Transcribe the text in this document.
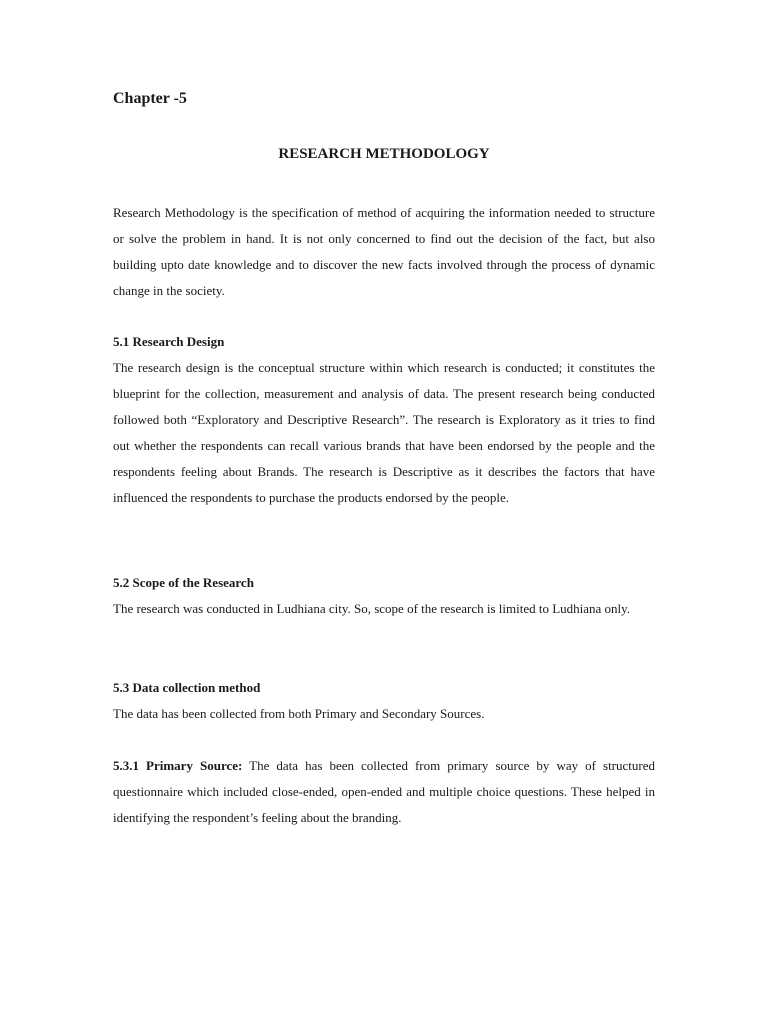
Chapter -5
RESEARCH METHODOLOGY

Research Methodology is the specification of method of acquiring the information needed to structure or solve the problem in hand. It is not only concerned to find out the decision of the fact, but also building upto date knowledge and to discover the new facts involved through the process of dynamic change in the society.

5.1 Research Design

The research design is the conceptual structure within which research is conducted; it constitutes the blueprint for the collection, measurement and analysis of data. The present research being conducted followed both “Exploratory and Descriptive Research”. The research is Exploratory as it tries to find out whether the respondents can recall various brands that have been endorsed by the people and the respondents feeling about Brands. The research is Descriptive as it describes the factors that have influenced the respondents to purchase the products endorsed by the people.

5.2 Scope of the Research

The research was conducted in Ludhiana city. So, scope of the research is limited to Ludhiana only.

5.3 Data collection method

The data has been collected from both Primary and Secondary Sources.

5.3.1 Primary Source: The data has been collected from primary source by way of structured questionnaire which included close-ended, open-ended and multiple choice questions. These helped in identifying the respondent’s feeling about the branding.
